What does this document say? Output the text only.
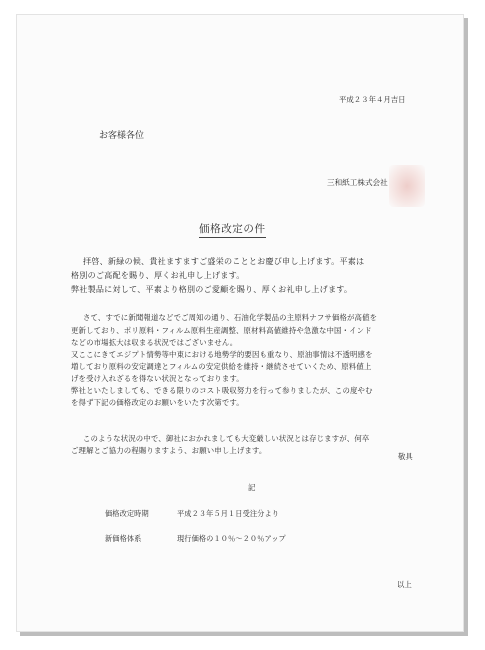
平成２３年４月吉日

お客様各位

三和紙工株式会社

価格改定の件

拝啓、新緑の候、貴社ますますご盛栄のこととお慶び申し上げます。平素は

格別のご高配を賜り、厚くお礼申し上げます。

弊社製品に対して、平素より格別のご愛顧を賜り、厚くお礼申し上げます。

さて、すでに新聞報道などでご周知の通り、石油化学製品の主原料ナフサ価格が高値を

更新しており、ポリ原料・フィルム原料生産調整、原材料高値維持や急激な中国・インド

などの市場拡大は収まる状況ではございません。

又ここにきてエジプト情勢等中東における地勢学的要因も重なり、原油事情は不透明感を

増しており原料の安定調達とフィルムの安定供給を維持・継続させていくため、原料値上

げを受け入れざるを得ない状況となっております。

弊社といたしましても、できる限りのコスト吸収努力を行って参りましたが、この度やむ

を得ず下記の価格改定のお願いをいたす次第です。

このような状況の中で、御社におかれましても大変厳しい状況とは存じますが、何卒

ご理解とご協力の程賜りますよう、お願い申し上げます。

敬具

記

価格改定時期	平成２３年５月１日受注分より

新価格体系	現行価格の１０％～２０％アップ

以上
